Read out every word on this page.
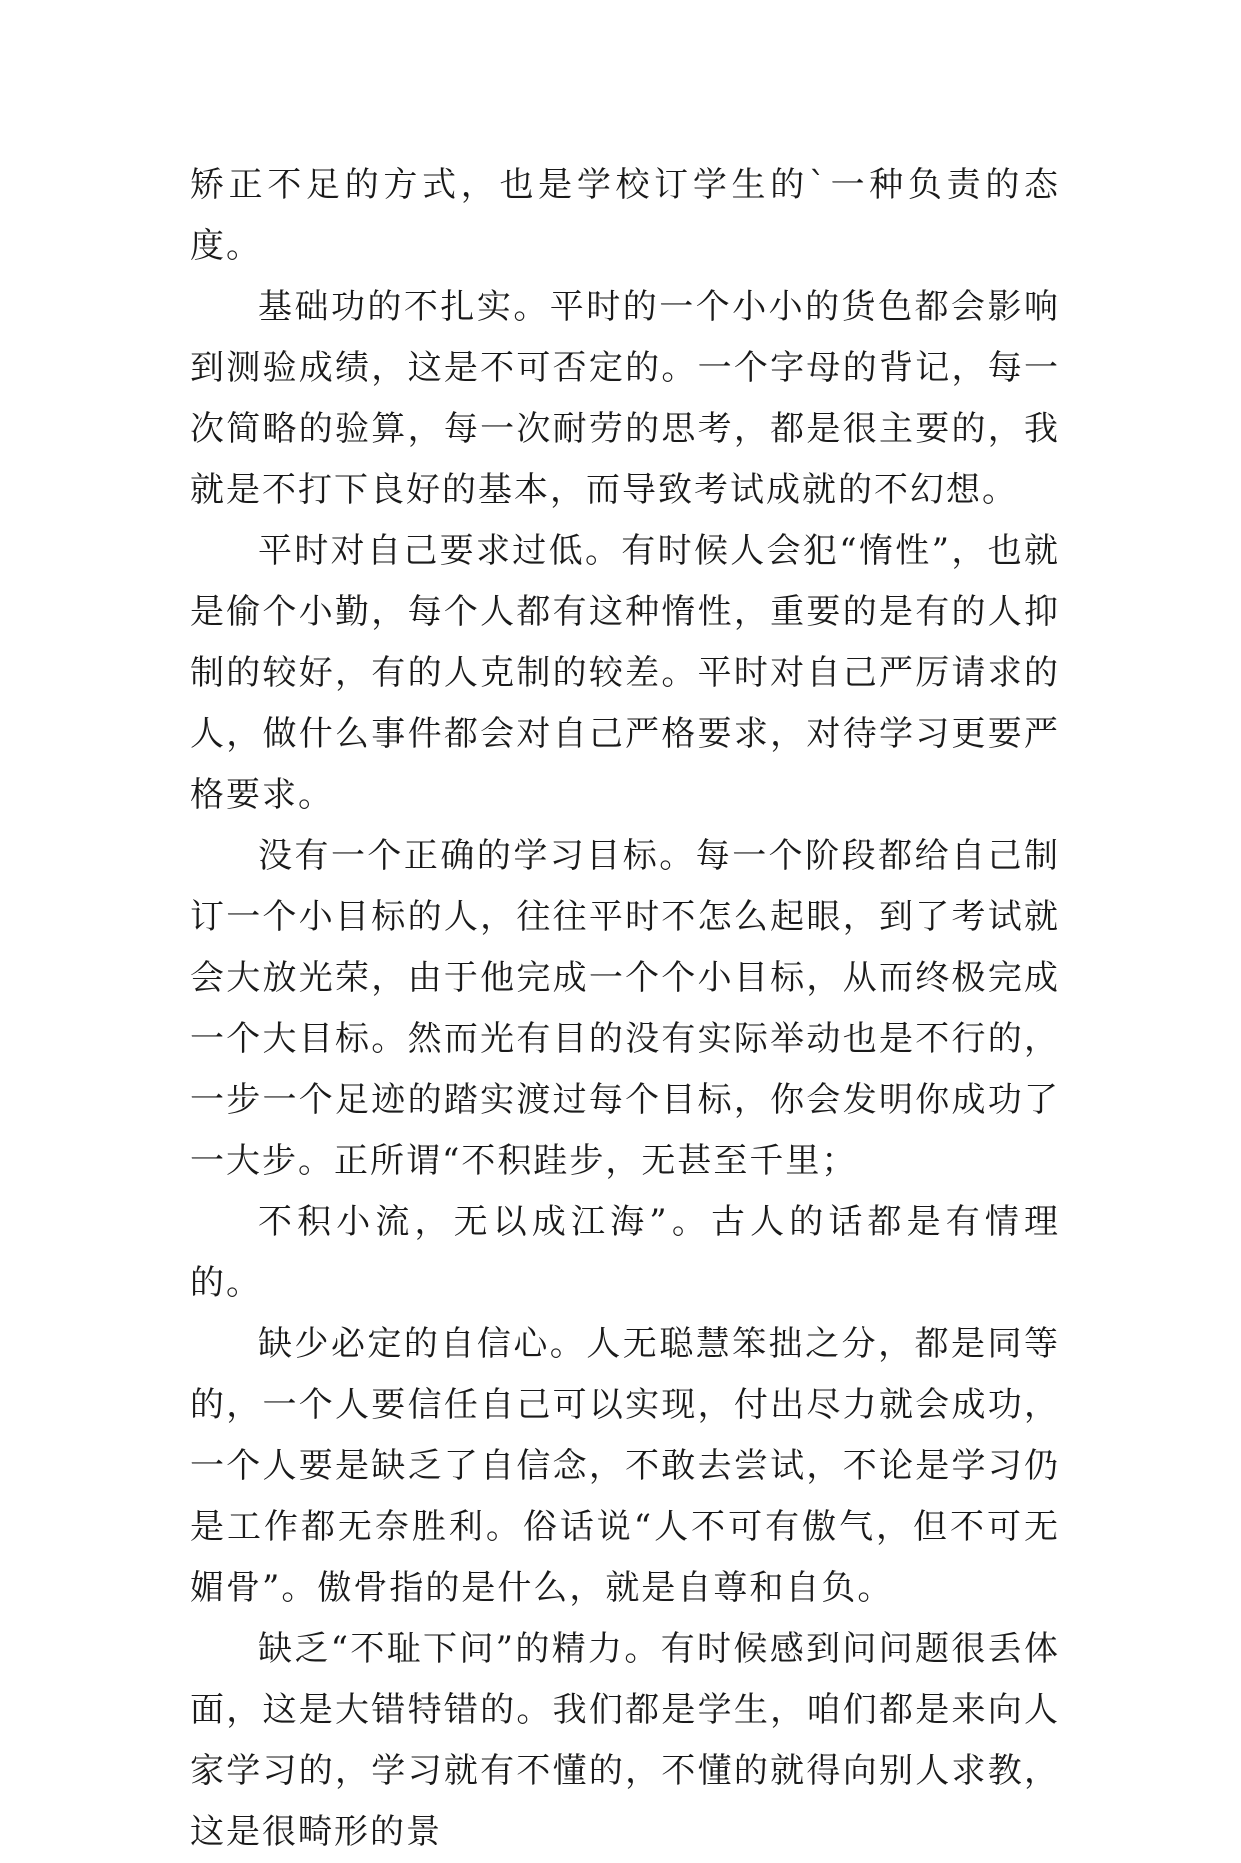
矫正不足的方式，也是学校订学生的`一种负责的态度。

基础功的不扎实。平时的一个小小的货色都会影响到测验成绩，这是不可否定的。一个字母的背记，每一次简略的验算，每一次耐劳的思考，都是很主要的，我就是不打下良好的基本，而导致考试成就的不幻想。

平时对自己要求过低。有时候人会犯“惰性”，也就是偷个小勤，每个人都有这种惰性，重要的是有的人抑制的较好，有的人克制的较差。平时对自己严厉请求的人，做什么事件都会对自己严格要求，对待学习更要严格要求。

没有一个正确的学习目标。每一个阶段都给自己制订一个小目标的人，往往平时不怎么起眼，到了考试就会大放光荣，由于他完成一个个小目标，从而终极完成一个大目标。然而光有目的没有实际举动也是不行的，一步一个足迹的踏实渡过每个目标，你会发明你成功了一大步。正所谓“不积跬步，无甚至千里；

不积小流，无以成江海”。古人的话都是有情理的。

缺少必定的自信心。人无聪慧笨拙之分，都是同等的，一个人要信任自己可以实现，付出尽力就会成功，一个人要是缺乏了自信念，不敢去尝试，不论是学习仍是工作都无奈胜利。俗话说“人不可有傲气，但不可无媚骨”。傲骨指的是什么，就是自尊和自负。

缺乏“不耻下问”的精力。有时候感到问问题很丢体面，这是大错特错的。我们都是学生，咱们都是来向人家学习的，学习就有不懂的，不懂的就得向别人求教，这是很畸形的景
